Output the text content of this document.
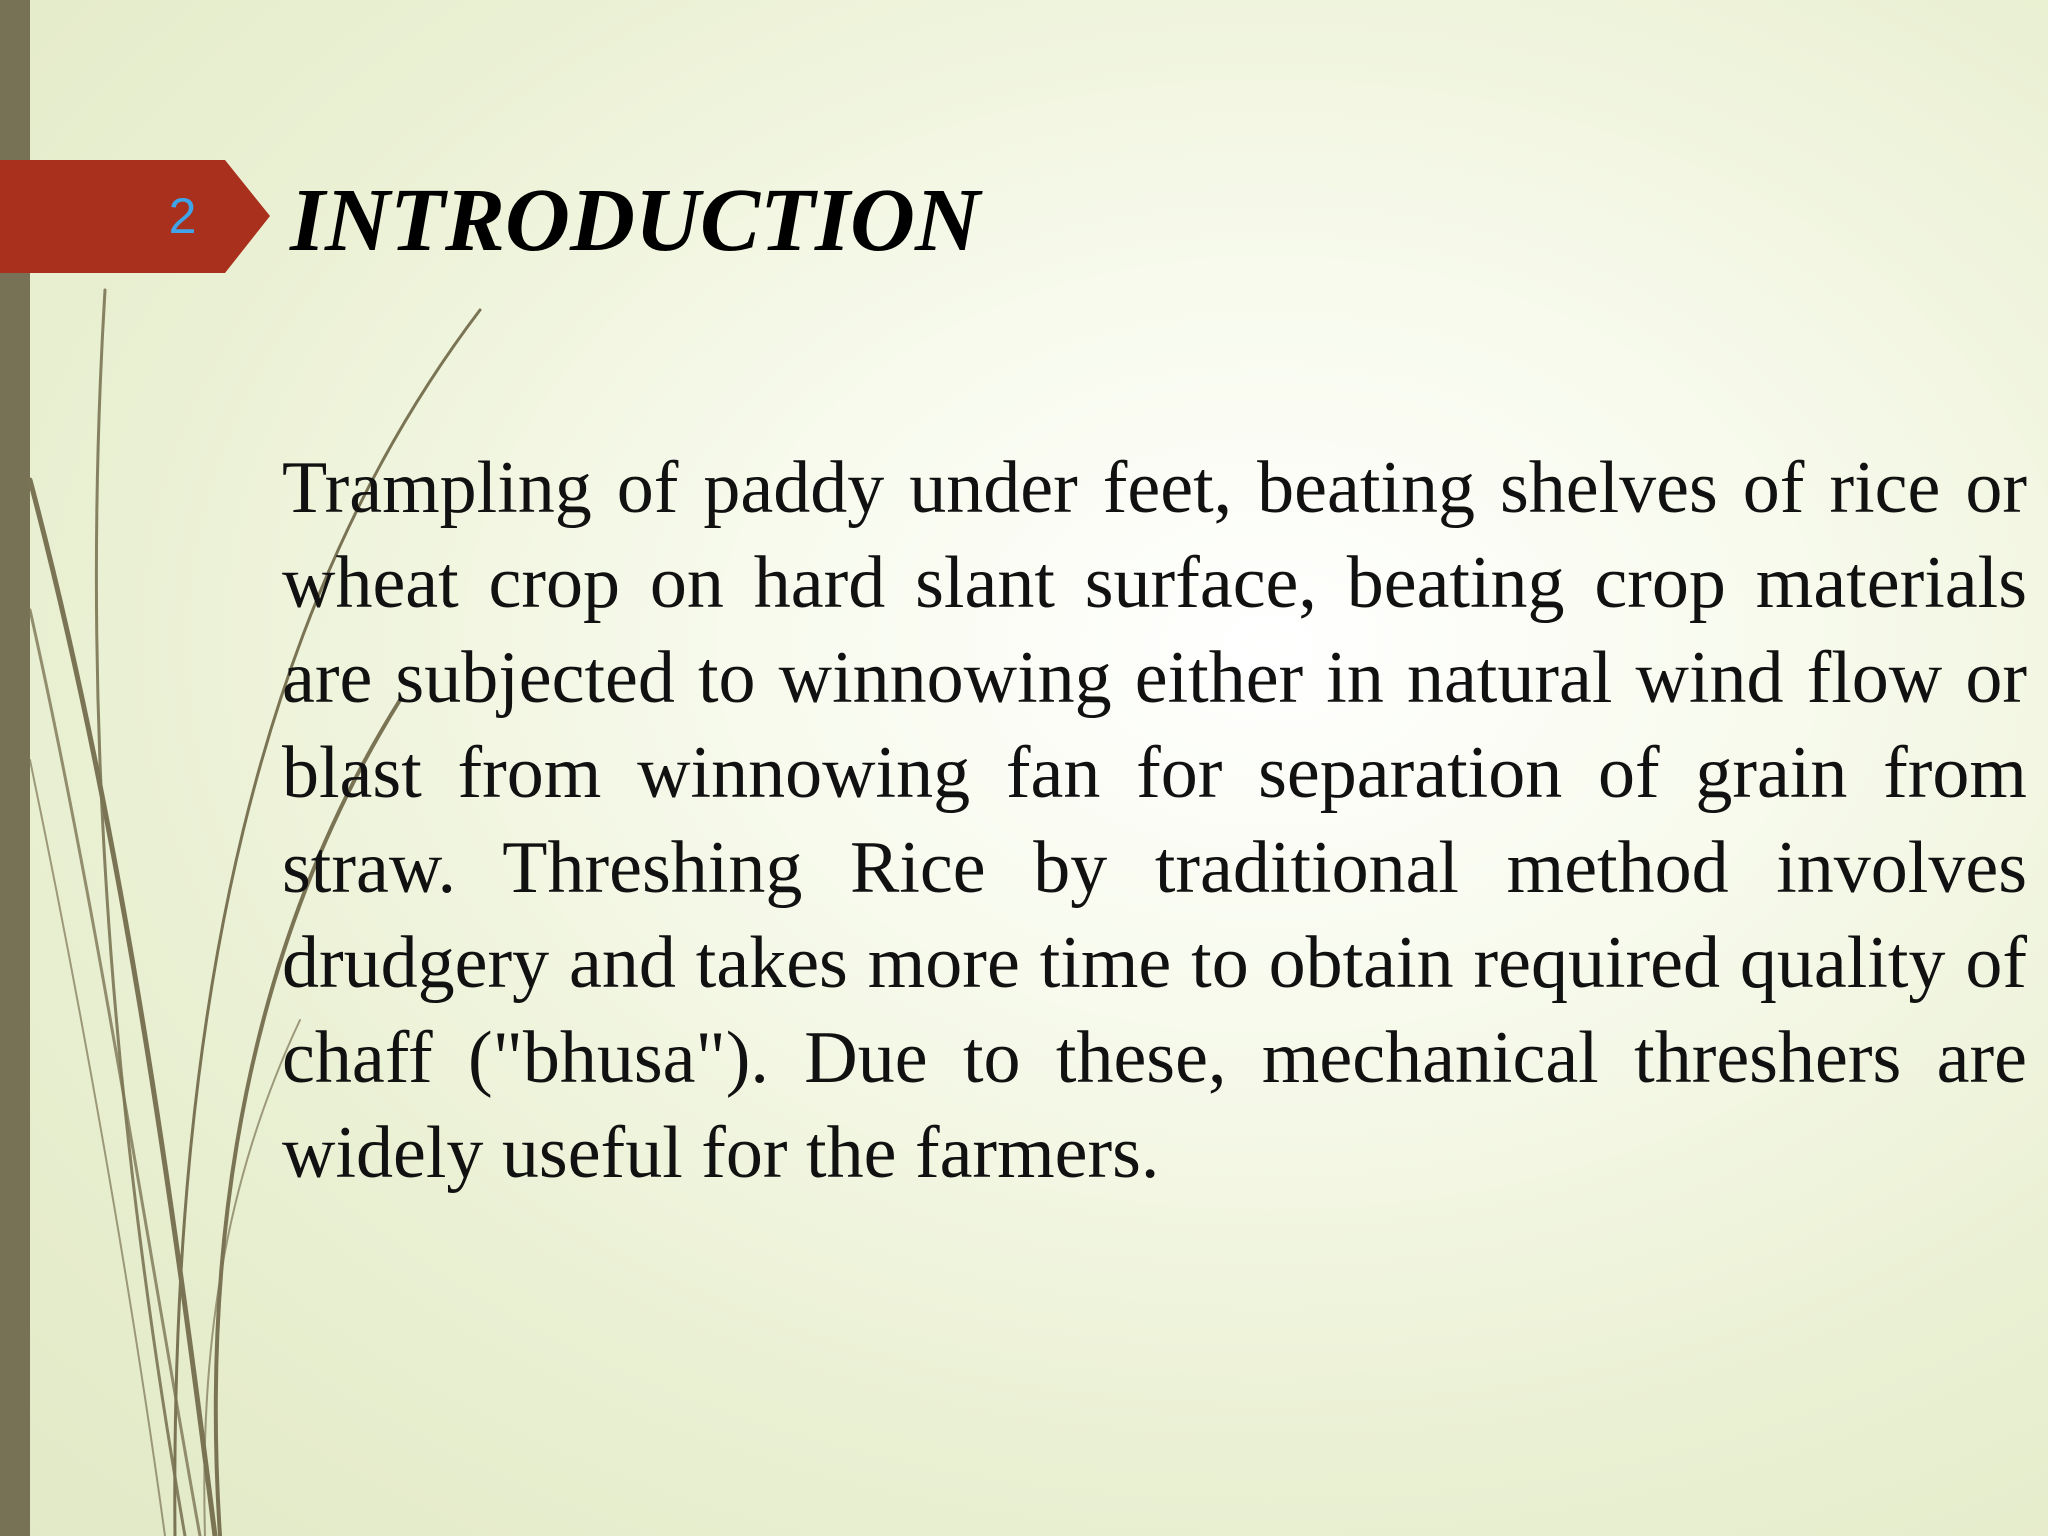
2 INTRODUCTION

Trampling of paddy under feet, beating shelves of rice or wheat crop on hard slant surface, beating crop materials are subjected to winnowing either in natural wind flow or blast from winnowing fan for separation of grain from straw. Threshing Rice by traditional method involves drudgery and takes more time to obtain required quality of chaff ("bhusa"). Due to these, mechanical threshers are widely useful for the farmers.
